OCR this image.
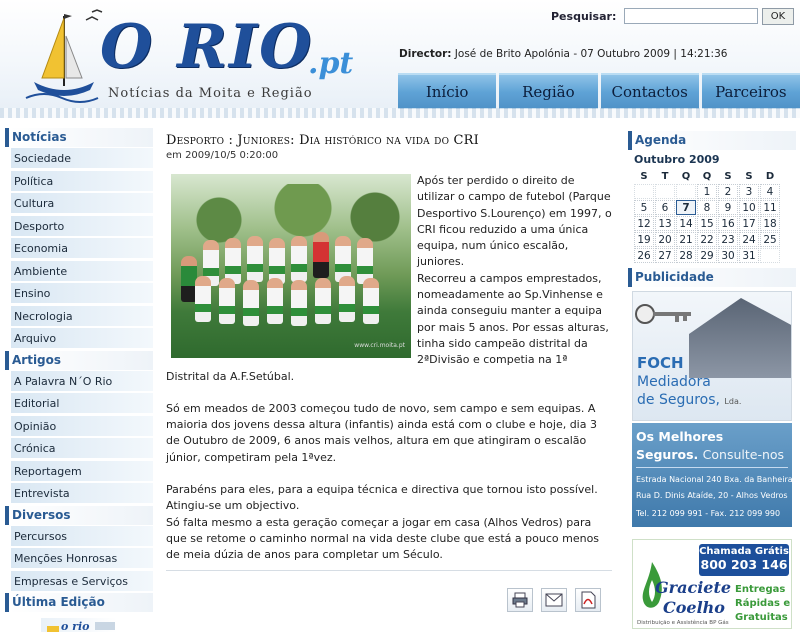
O RIO
.pt
Notícias da Moita e Região
Pesquisar:	OK
Director: José de Brito Apolónia - 07 Outubro 2009 | 14:21:36
Início	Região	Contactos	Parceiros
Notícias
Sociedade
Política
Cultura
Desporto
Economia
Ambiente
Ensino
Necrologia
Arquivo
Artigos
A Palavra N´O Rio
Editorial
Opinião
Crónica
Reportagem
Entrevista
Diversos
Percursos
Menções Honrosas
Empresas e Serviços
Última Edição
o rio
Desporto : Juniores: Dia histórico na vida do CRI
em 2009/10/5 0:20:00
www.cri.moita.pt
Após ter perdido o direito de utilizar o campo de futebol (Parque Desportivo S.Lourenço) em 1997, o CRI ficou reduzido a uma única equipa, num único escalão, juniores.
Recorreu a campos emprestados, nomeadamente ao Sp.Vinhense e ainda conseguiu manter a equipa por mais 5 anos. Por essas alturas, tinha sido campeão distrital da 2ªDivisão e competia na 1ª Distrital da A.F.Setúbal.
Só em meados de 2003 começou tudo de novo, sem campo e sem equipas. A maioria dos jovens dessa altura (infantis) ainda está com o clube e hoje, dia 3 de Outubro de 2009, 6 anos mais velhos, altura em que atingiram o escalão júnior, competiram pela 1ªvez.
Parabéns para eles, para a equipa técnica e directiva que tornou isto possível. Atingiu-se um objectivo.
Só falta mesmo a esta geração começar a jogar em casa (Alhos Vedros) para que se retome o caminho normal na vida deste clube que está a pouco menos de meia dúzia de anos para completar um Século.
Agenda
Outubro 2009
S	T	Q	Q	S	S	D
			1	2	3	4
5	6	7	8	9	10	11
12	13	14	15	16	17	18
19	20	21	22	23	24	25
26	27	28	29	30	31	
Publicidade
FOCH
Mediadora
de Seguros, Lda.
Os Melhores
Seguros. Consulte-nos
Estrada Nacional 240 Bxa. da Banheira
Rua D. Dinis Ataíde, 20 - Alhos Vedros
Tel. 212 099 991 - Fax. 212 099 990
Chamada Grátis
800 203 146
Graciete
Coelho
Entregas
Rápidas e
Gratuitas
Distribuição e Assistência BP Gás
